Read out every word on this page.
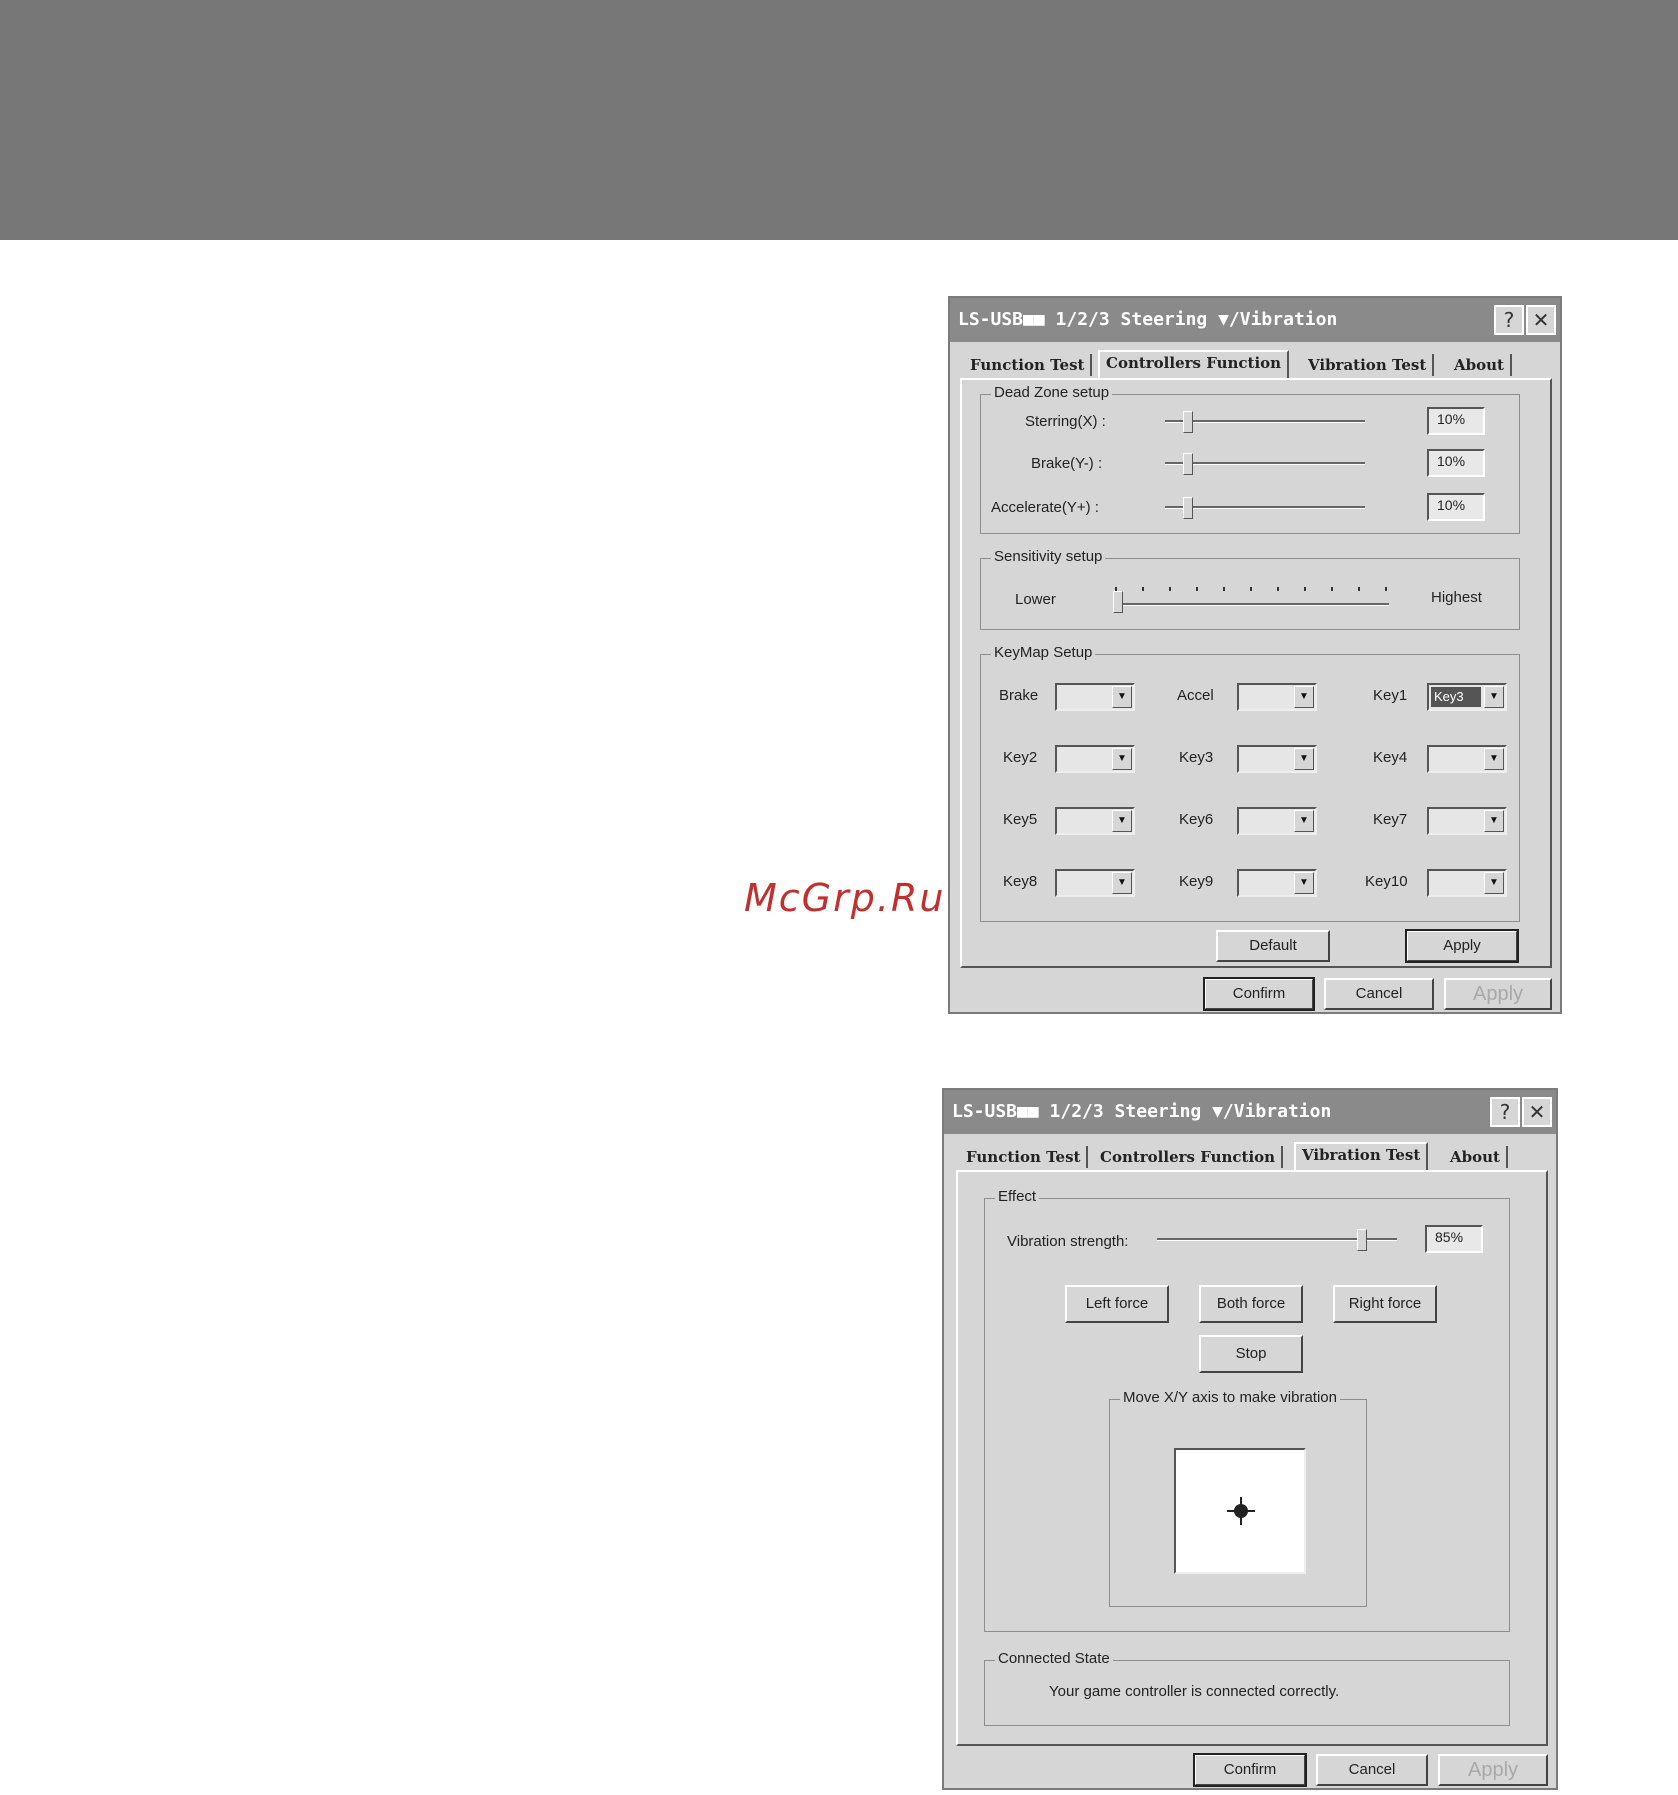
McGrp.Ru
LS-USB■■ 1/2/3 Steering ▼/Vibration	? ✕
Function Test	Controllers Function	Vibration Test	About
Dead Zone setup
Sterring(X) :	10%
Brake(Y-) :	10%
Accelerate(Y+) :	10%
Sensitivity setup
Lower	Highest
KeyMap Setup
Brake	▼	Accel	▼	Key1 Key3	▼
Key2	▼	Key3	▼	Key4	▼
Key5	▼	Key6	▼	Key7	▼
Key8	▼	Key9	▼	Key10	▼
Default	Apply
Confirm	Cancel	Apply
LS-USB■■ 1/2/3 Steering ▼/Vibration	? ✕
Function Test	Controllers Function	Vibration Test	About
Effect
Vibration strength:	85%
Left force	Both force	Right force
Stop
Move X/Y axis to make vibration
Connected State
Your game controller is connected correctly.
Confirm	Cancel	Apply
